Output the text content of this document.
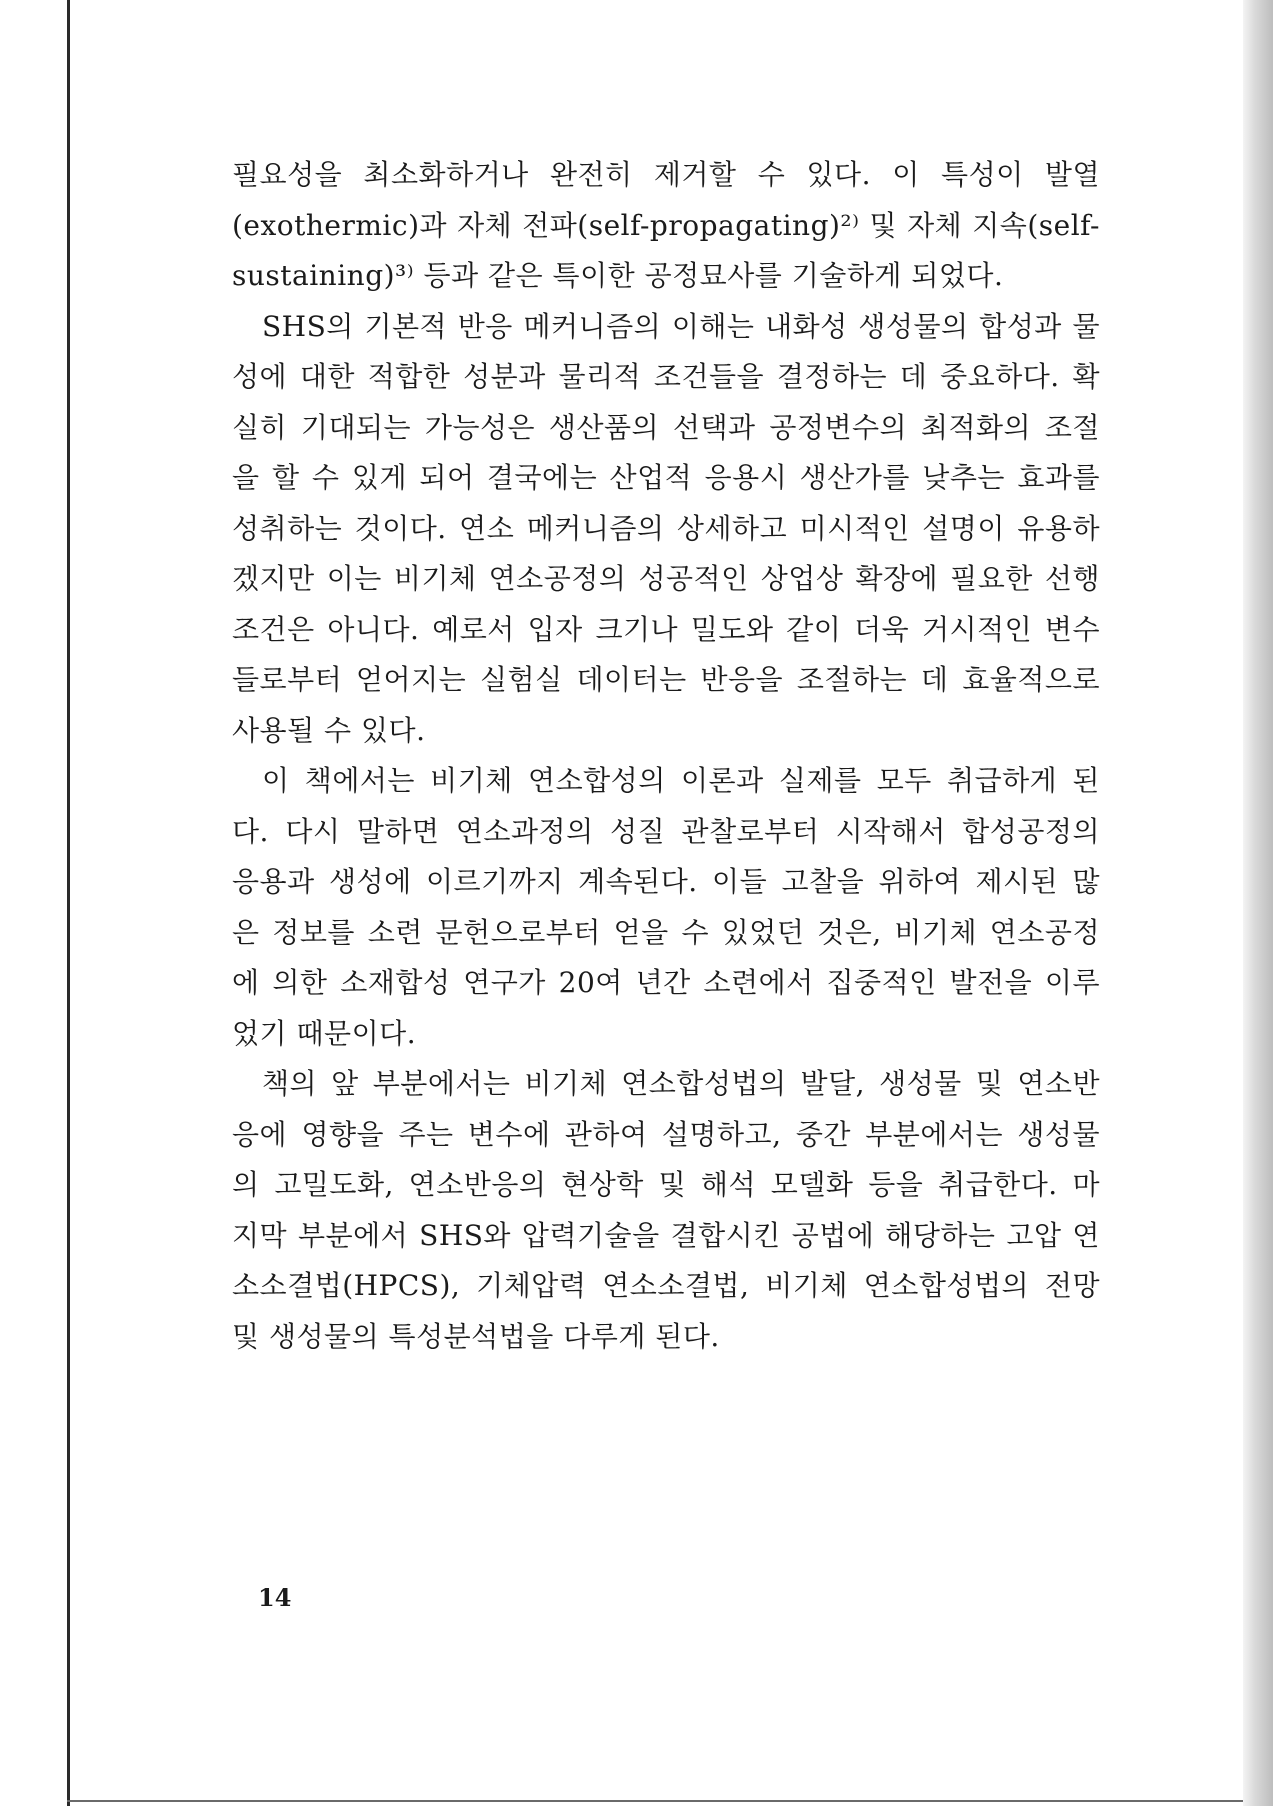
필요성을 최소화하거나 완전히 제거할 수 있다. 이 특성이 발열
(exothermic)과 자체 전파(self-propagating)²⁾ 및 자체 지속(self-
sustaining)³⁾ 등과 같은 특이한 공정묘사를 기술하게 되었다.
SHS의 기본적 반응 메커니즘의 이해는 내화성 생성물의 합성과 물
성에 대한 적합한 성분과 물리적 조건들을 결정하는 데 중요하다. 확
실히 기대되는 가능성은 생산품의 선택과 공정변수의 최적화의 조절
을 할 수 있게 되어 결국에는 산업적 응용시 생산가를 낮추는 효과를
성취하는 것이다. 연소 메커니즘의 상세하고 미시적인 설명이 유용하
겠지만 이는 비기체 연소공정의 성공적인 상업상 확장에 필요한 선행
조건은 아니다. 예로서 입자 크기나 밀도와 같이 더욱 거시적인 변수
들로부터 얻어지는 실험실 데이터는 반응을 조절하는 데 효율적으로
사용될 수 있다.
이 책에서는 비기체 연소합성의 이론과 실제를 모두 취급하게 된
다. 다시 말하면 연소과정의 성질 관찰로부터 시작해서 합성공정의
응용과 생성에 이르기까지 계속된다. 이들 고찰을 위하여 제시된 많
은 정보를 소련 문헌으로부터 얻을 수 있었던 것은, 비기체 연소공정
에 의한 소재합성 연구가 20여 년간 소련에서 집중적인 발전을 이루
었기 때문이다.
책의 앞 부분에서는 비기체 연소합성법의 발달, 생성물 및 연소반
응에 영향을 주는 변수에 관하여 설명하고, 중간 부분에서는 생성물
의 고밀도화, 연소반응의 현상학 및 해석 모델화 등을 취급한다. 마
지막 부분에서 SHS와 압력기술을 결합시킨 공법에 해당하는 고압 연
소소결법(HPCS), 기체압력 연소소결법, 비기체 연소합성법의 전망
및 생성물의 특성분석법을 다루게 된다.
14
